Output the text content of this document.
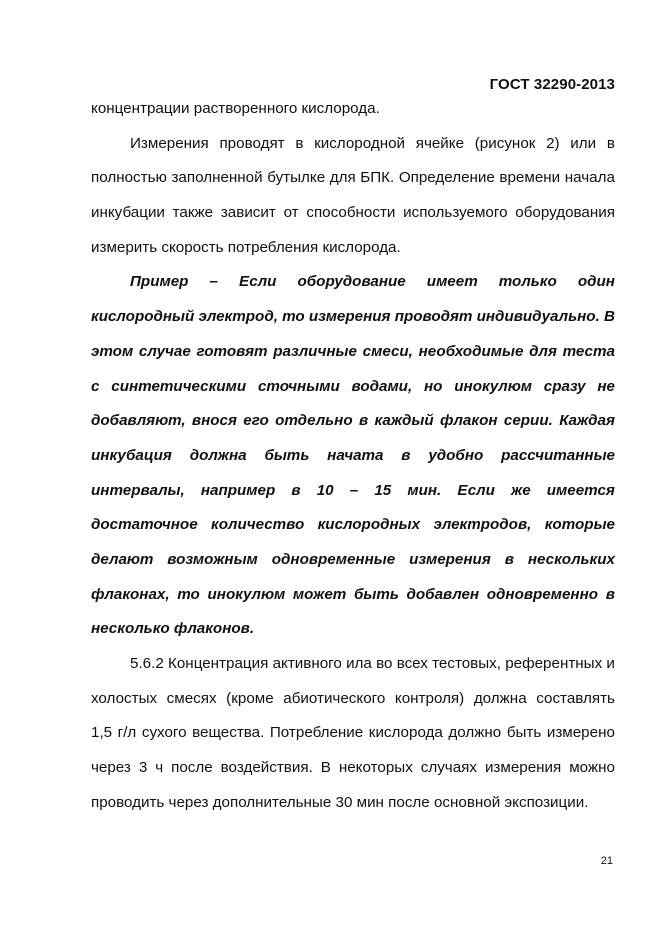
ГОСТ 32290-2013
концентрации растворенного кислорода.
Измерения проводят в кислородной ячейке (рисунок 2) или в
полностью заполненной бутылке для БПК. Определение времени начала
инкубации также зависит от способности используемого оборудования
измерить скорость потребления кислорода.
Пример – Если оборудование имеет только один
кислородный электрод, то измерения проводят индивидуально. В
этом случае готовят различные смеси, необходимые для теста
с синтетическими сточными водами, но инокулюм сразу не
добавляют, внося его отдельно в каждый флакон серии. Каждая
инкубация должна быть начата в удобно рассчитанные
интервалы, например в 10 – 15 мин. Если же имеется
достаточное количество кислородных электродов, которые
делают возможным одновременные измерения в нескольких
флаконах, то инокулюм может быть добавлен одновременно в
несколько флаконов.
5.6.2 Концентрация активного ила во всех тестовых, референтных и
холостых смесях (кроме абиотического контроля) должна составлять
1,5 г/л сухого вещества. Потребление кислорода должно быть измерено
через 3 ч после воздействия. В некоторых случаях измерения можно
проводить через дополнительные 30 мин после основной экспозиции.
21
